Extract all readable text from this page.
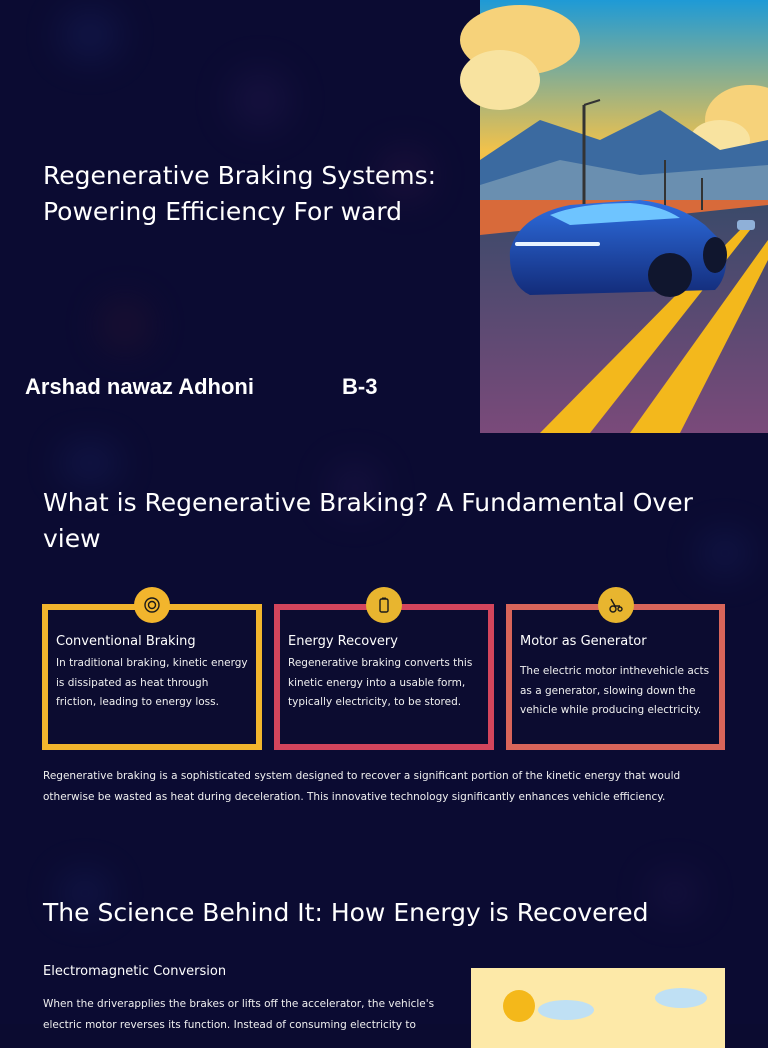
Regenerative Braking Systems: Powering Efficiency For ward
Arshad nawaz Adhoni	B-3
What is Regenerative Braking? A Fundamental Over view
Conventional Braking

In traditional braking, kinetic energy is dissipated as heat through friction, leading to energy loss.

Energy Recovery

Regenerative braking converts this kinetic energy into a usable form, typically electricity, to be stored.

Motor as Generator

The electric motor inthevehicle acts as a generator, slowing down the vehicle while producing electricity.

Regenerative braking is a sophisticated system designed to recover a significant portion of the kinetic energy that would otherwise be wasted as heat during deceleration. This innovative technology significantly enhances vehicle efficiency.

The Science Behind It: How Energy is Recovered
Electromagnetic Conversion

When the driverapplies the brakes or lifts off the accelerator, the vehicle's electric motor reverses its function. Instead of consuming electricity to
